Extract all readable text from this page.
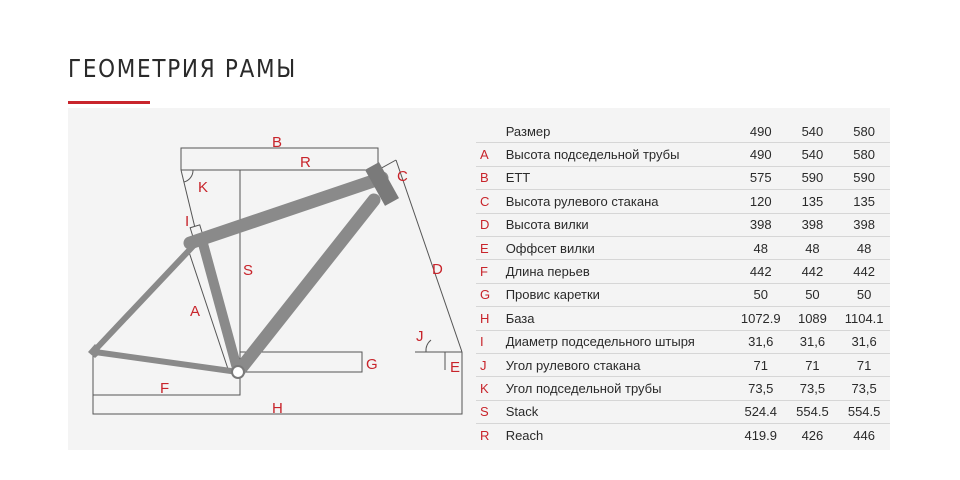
ГЕОМЕТРИЯ РАМЫ
B
R
C
K
I
S	D
A
J
G	E
F
H
	Размер	490	540	580
A	Высота подседельной трубы	490	540	580
B	ETT	575	590	590
C	Высота рулевого стакана	120	135	135
D	Высота вилки	398	398	398
E	Оффсет вилки	48	48	48
F	Длина перьев	442	442	442
G	Провис каретки	50	50	50
H	База	1072.9	1089	1104.1
I	Диаметр подседельного штыря	31,6	31,6	31,6
J	Угол рулевого стакана	71	71	71
K	Угол подседельной трубы	73,5	73,5	73,5
S	Stack	524.4	554.5	554.5
R	Reach	419.9	426	446
